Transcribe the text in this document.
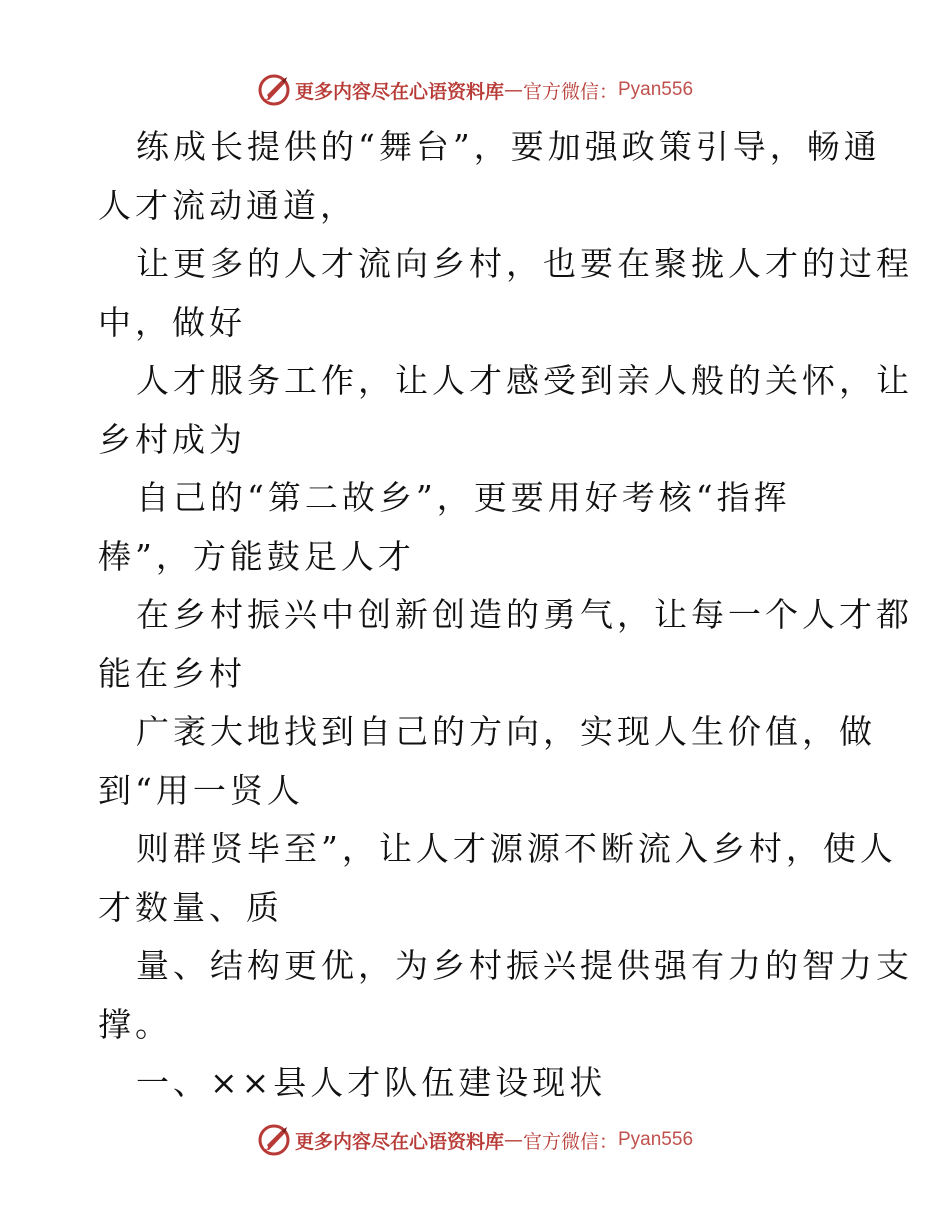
更多内容尽在心语资料库 — 官方微信： Pyan556
练成长提供的“舞台”，要加强政策引导，畅通
人才流动通道，
让更多的人才流向乡村，也要在聚拢人才的过程
中，做好
人才服务工作，让人才感受到亲人般的关怀，让
乡村成为
自己的“第二故乡”，更要用好考核“指挥
棒”，方能鼓足人才
在乡村振兴中创新创造的勇气，让每一个人才都
能在乡村
广袤大地找到自己的方向，实现人生价值，做
到“用一贤人
则群贤毕至”，让人才源源不断流入乡村，使人
才数量、质
量、结构更优，为乡村振兴提供强有力的智力支
撑。
一、××县人才队伍建设现状
更多内容尽在心语资料库 — 官方微信： Pyan556
